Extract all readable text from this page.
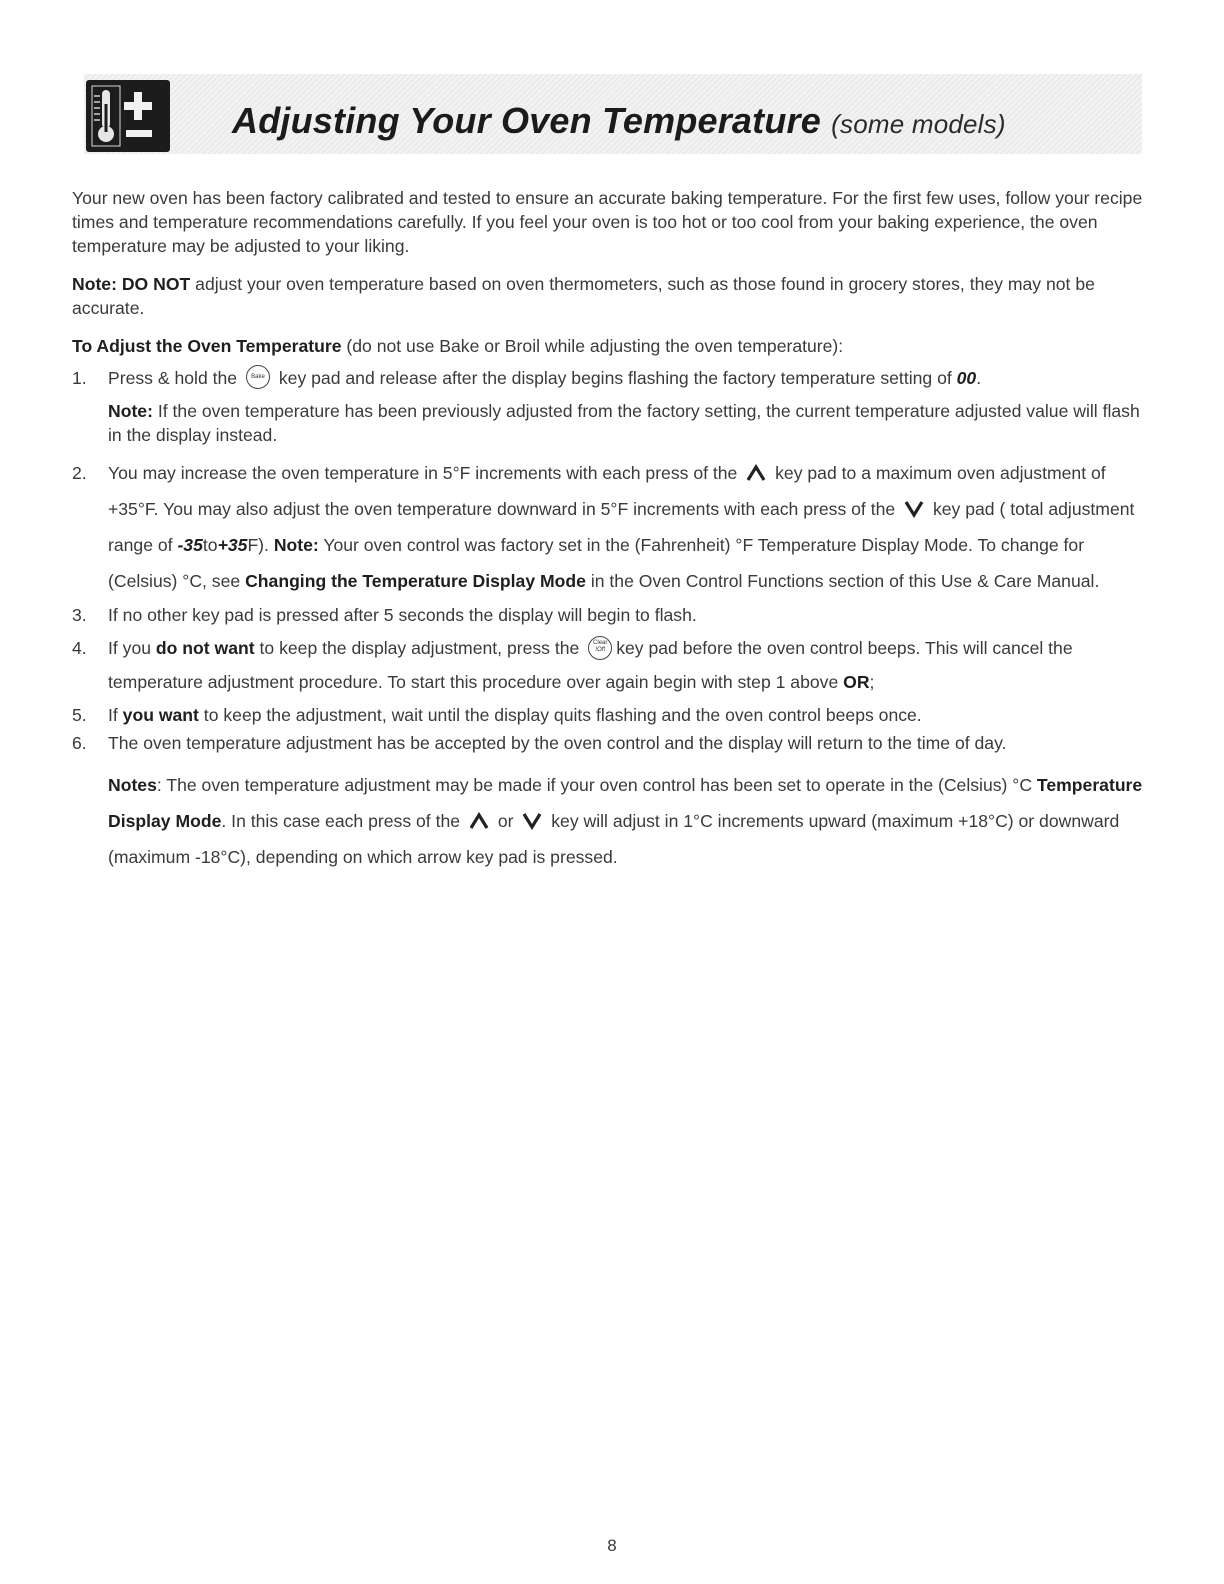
Adjusting Your Oven Temperature (some models)

Your new oven has been factory calibrated and tested to ensure an accurate baking temperature. For the first few uses, follow your recipe times and temperature recommendations carefully. If you feel your oven is too hot or too cool from your baking experience, the oven temperature may be adjusted to your liking.

Note: DO NOT adjust your oven temperature based on oven thermometers, such as those found in grocery stores, they may not be accurate.

To Adjust the Oven Temperature (do not use Bake or Broil while adjusting the oven temperature):

1. Press & hold the	Bake key pad and release after the display begins flashing the factory temperature setting of 00.
Note: If the oven temperature has been previously adjusted from the factory setting, the current temperature adjusted value will flash in the display instead.
2. You may increase the oven temperature in 5°F increments with each press of the key pad to a maximum oven adjustment of +35°F. You may also adjust the oven temperature downward in 5°F increments with each press of the key pad ( total adjustment range of -35to+35F). Note: Your oven control was factory set in the (Fahrenheit) °F Temperature Display Mode. To change for (Celsius) °C, see Changing the Temperature Display Mode in the Oven Control Functions section of this Use & Care Manual.
3. If no other key pad is pressed after 5 seconds the display will begin to flash.
4. If you do not want to keep the display adjustment, press the	Clear
/Off key pad before the oven control beeps. This will cancel the temperature adjustment procedure. To start this procedure over again begin with step 1 above OR;
5. If you want to keep the adjustment, wait until the display quits flashing and the oven control beeps once.
6. The oven temperature adjustment has be accepted by the oven control and the display will return to the time of day.
Notes: The oven temperature adjustment may be made if your oven control has been set to operate in the (Celsius) °C Temperature Display Mode. In this case each press of the or key will adjust in 1°C increments upward (maximum +18°C) or downward (maximum -18°C), depending on which arrow key pad is pressed.
8
